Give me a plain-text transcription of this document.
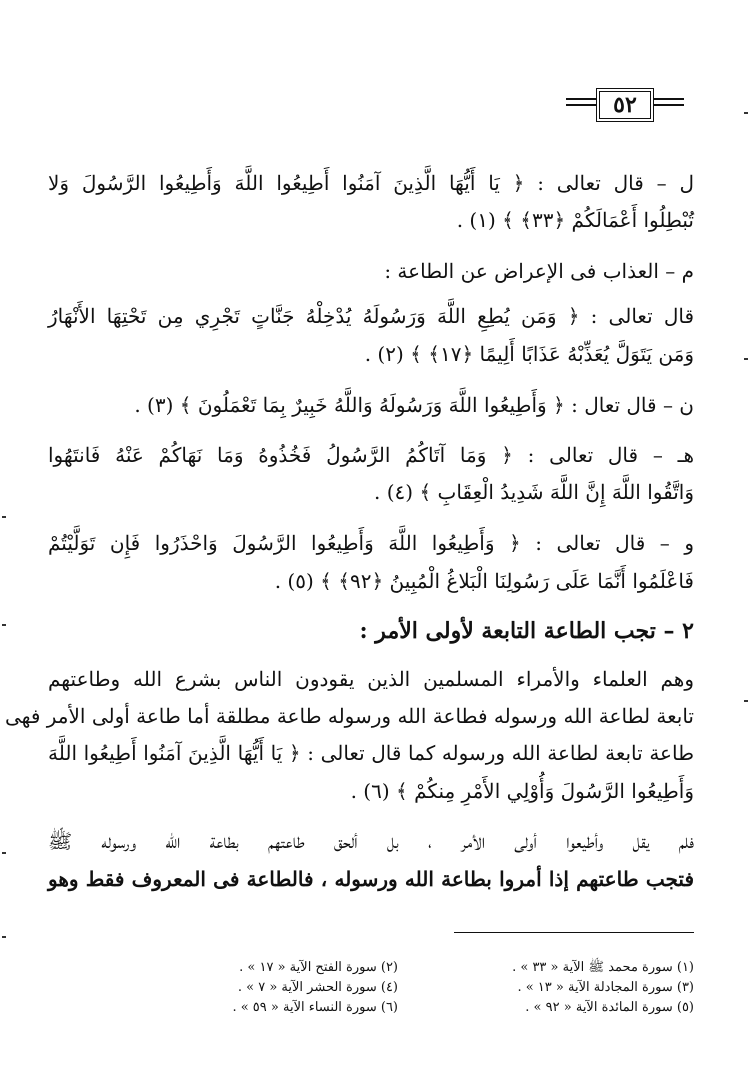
٥٢
ل – قال تعالى : ﴿ يَا أَيُّهَا الَّذِينَ آمَنُوا أَطِيعُوا اللَّهَ وَأَطِيعُوا الرَّسُولَ وَلا
تُبْطِلُوا أَعْمَالَكُمْ ﴿٣٣﴾ ﴾ (١) .
م – العذاب فى الإعراض عن الطاعة :
قال تعالى : ﴿ وَمَن يُطِعِ اللَّهَ وَرَسُولَهُ يُدْخِلْهُ جَنَّاتٍ تَجْرِي مِن تَحْتِهَا الأَنْهَارُ
وَمَن يَتَوَلَّ يُعَذِّبْهُ عَذَابًا أَلِيمًا ﴿١٧﴾ ﴾ (٢) .
ن – قال تعال : ﴿ وَأَطِيعُوا اللَّهَ وَرَسُولَهُ وَاللَّهُ خَبِيرٌ بِمَا تَعْمَلُونَ ﴾ (٣) .
هـ – قال تعالى : ﴿ وَمَا آتَاكُمُ الرَّسُولُ فَخُذُوهُ وَمَا نَهَاكُمْ عَنْهُ فَانتَهُوا
وَاتَّقُوا اللَّهَ إِنَّ اللَّهَ شَدِيدُ الْعِقَابِ ﴾ (٤) .
و – قال تعالى : ﴿ وَأَطِيعُوا اللَّهَ وَأَطِيعُوا الرَّسُولَ وَاحْذَرُوا فَإِن تَوَلَّيْتُمْ
فَاعْلَمُوا أَنَّمَا عَلَى رَسُولِنَا الْبَلاغُ الْمُبِينُ ﴿٩٢﴾ ﴾ (٥) .
٢ – تجب الطاعة التابعة لأولى الأمر :
وهم العلماء والأمراء المسلمين الذين يقودون الناس بشرع الله وطاعتهم
تابعة لطاعة الله ورسوله فطاعة الله ورسوله طاعة مطلقة أما طاعة أولى الأمر فهى
طاعة تابعة لطاعة الله ورسوله كما قال تعالى : ﴿ يَا أَيُّهَا الَّذِينَ آمَنُوا أَطِيعُوا اللَّهَ
وَأَطِيعُوا الرَّسُولَ وَأُوْلِي الأَمْرِ مِنكُمْ ﴾ (٦) .
فلم يقل وأطيعوا أولى الأمر ، بل ألحق طاعتهم بطاعة الله ورسوله ﷺ
فتجب طاعتهم إذا أمروا بطاعة الله ورسوله ، فالطاعة فى المعروف فقط وهو
(١) سورة محمد ﷺ الآية « ٣٣ » .
(٢) سورة الفتح الآية « ١٧ » .
(٣) سورة المجادلة الآية « ١٣ » .
(٤) سورة الحشر الآية « ٧ » .
(٥) سورة المائدة الآية « ٩٢ » .
(٦) سورة النساء الآية « ٥٩ » .
